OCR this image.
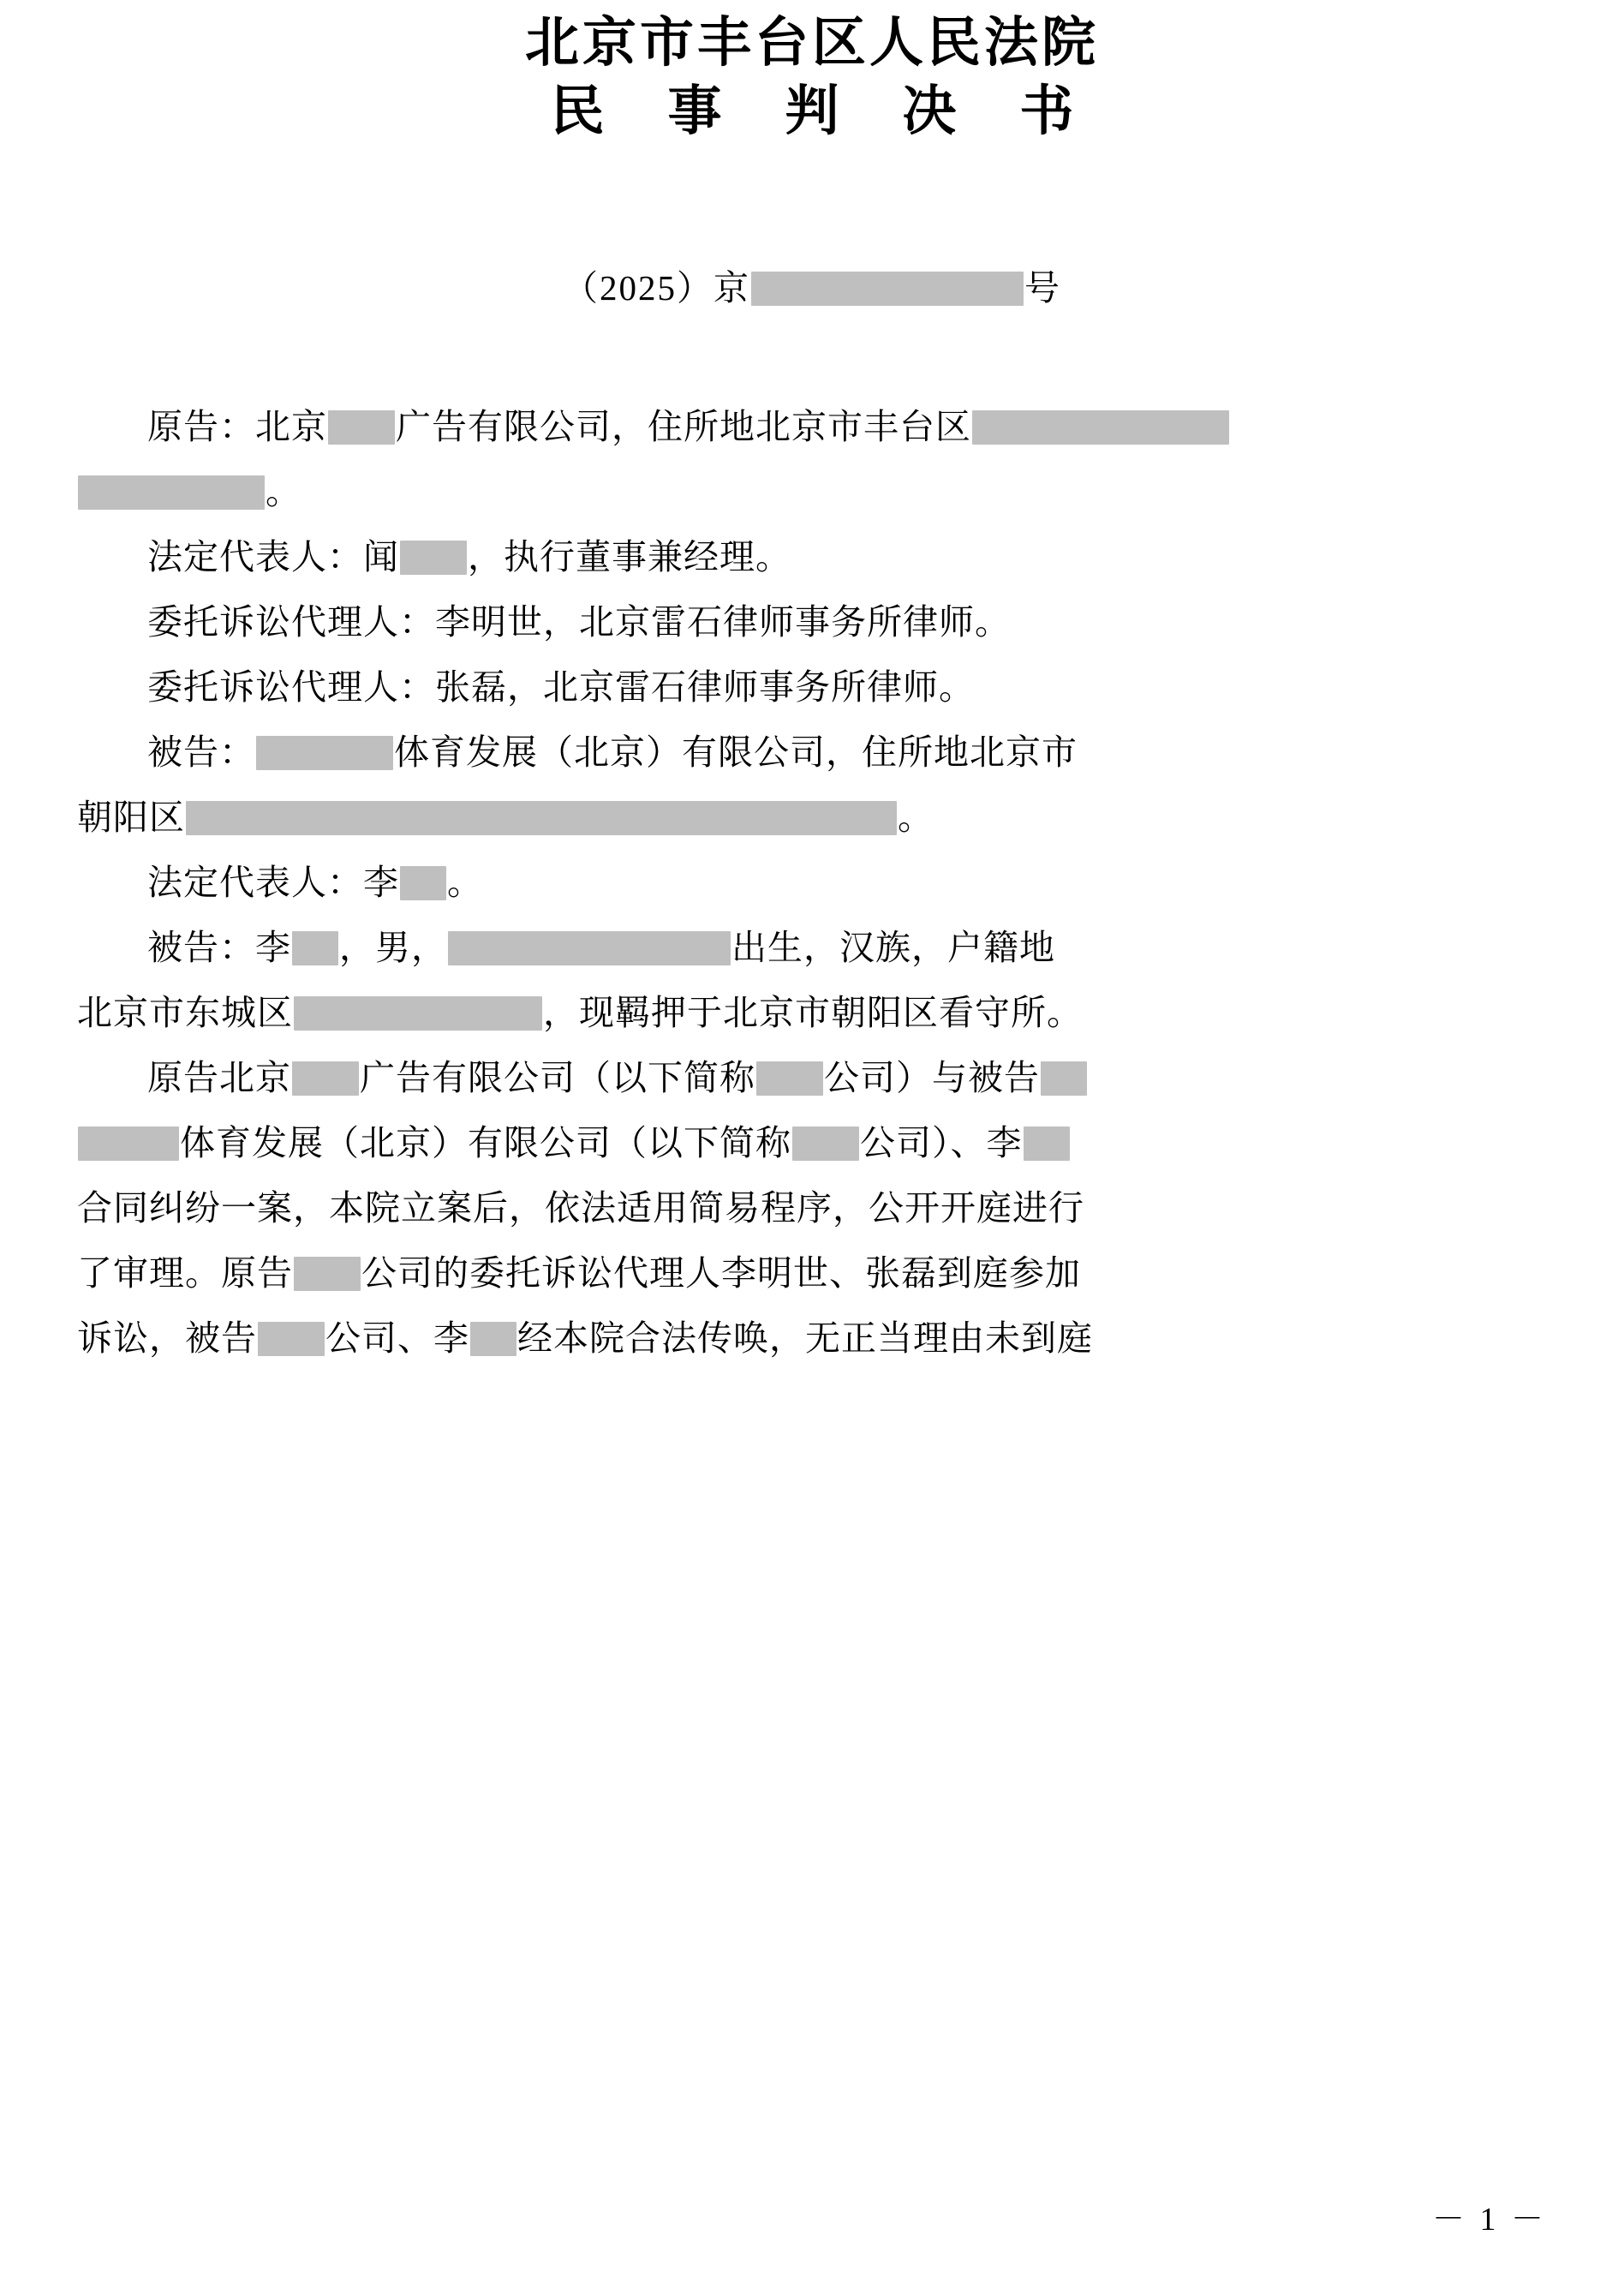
北京市丰台区人民法院
民 事 判 决 书
（2025）京	号
原告：北京 广告有限公司，住所地北京市丰台区
。
法定代表人：闻 ，执行董事兼经理。
委托诉讼代理人：李明世，北京雷石律师事务所律师。
委托诉讼代理人：张磊，北京雷石律师事务所律师。
被告：	体育发展（北京）有限公司，住所地北京市
朝阳区	。
法定代表人：李 。
被告：李 ，男，	出生，汉族，户籍地
北京市东城区	，现羁押于北京市朝阳区看守所。
原告北京 广告有限公司（以下简称 公司）与被告
体育发展（北京）有限公司（以下简称 公司）、李
合同纠纷一案，本院立案后，依法适用简易程序，公开开庭进行
了审理。原告 公司的委托诉讼代理人李明世、张磊到庭参加
诉讼，被告 公司、李 经本院合法传唤，无正当理由未到庭
－ 1 －
